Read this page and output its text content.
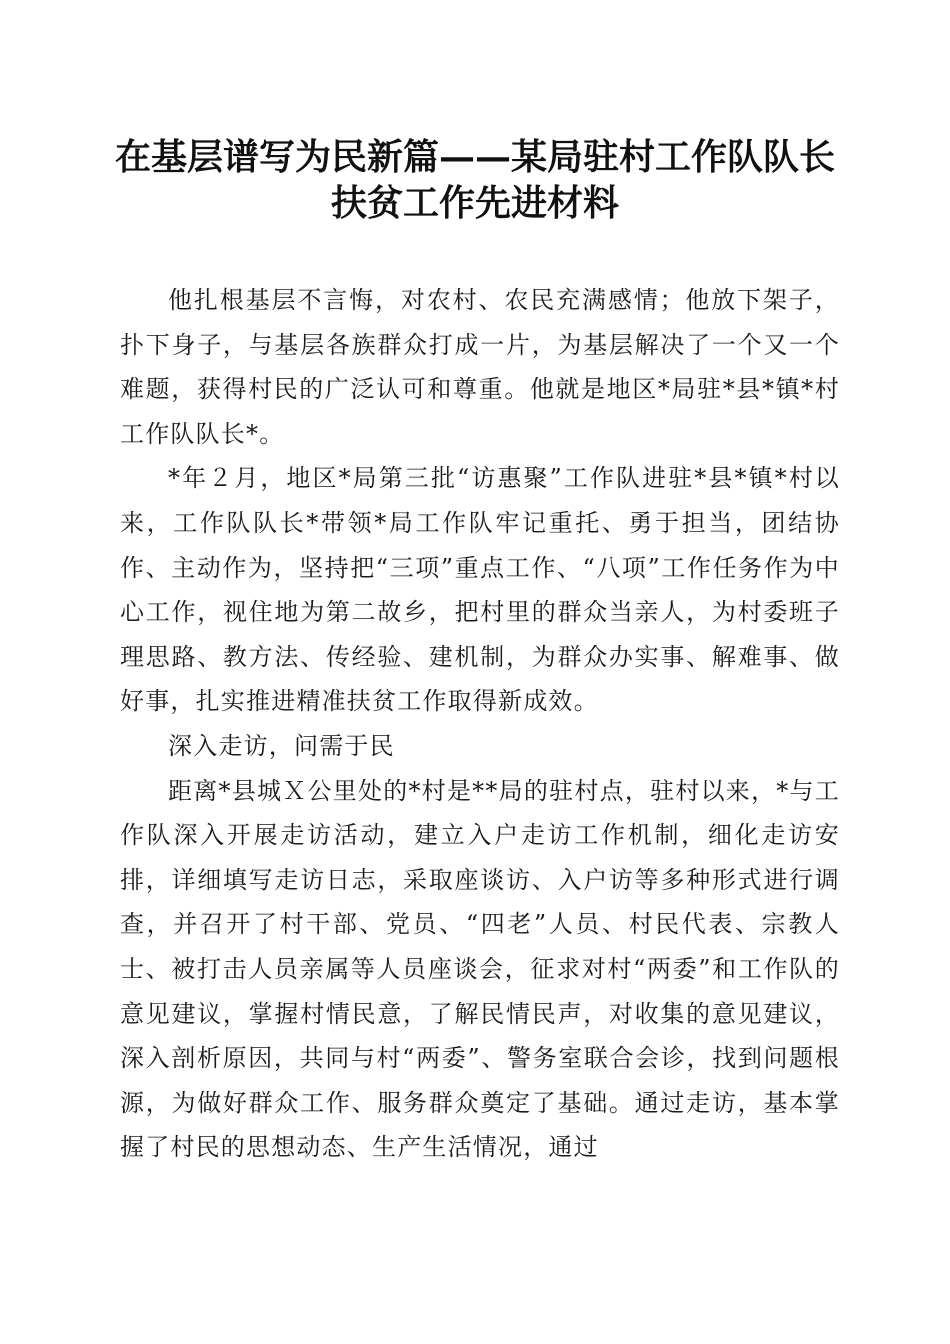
在基层谱写为民新篇——某局驻村工作队队长
扶贫工作先进材料

他扎根基层不言悔，对农村、农民充满感情；他放下架子，扑下身子，与基层各族群众打成一片，为基层解决了一个又一个难题，获得村民的广泛认可和尊重。他就是地区*局驻*县*镇*村工作队队长*。

*年２月，地区*局第三批“访惠聚”工作队进驻*县*镇*村以来，工作队队长*带领*局工作队牢记重托、勇于担当，团结协作、主动作为，坚持把“三项”重点工作、“八项”工作任务作为中心工作，视住地为第二故乡，把村里的群众当亲人，为村委班子理思路、教方法、传经验、建机制，为群众办实事、解难事、做好事，扎实推进精准扶贫工作取得新成效。

深入走访，问需于民

距离*县城Ｘ公里处的*村是**局的驻村点，驻村以来，*与工作队深入开展走访活动，建立入户走访工作机制，细化走访安排，详细填写走访日志，采取座谈访、入户访等多种形式进行调查，并召开了村干部、党员、“四老”人员、村民代表、宗教人士、被打击人员亲属等人员座谈会，征求对村“两委”和工作队的意见建议，掌握村情民意，了解民情民声，对收集的意见建议，深入剖析原因，共同与村“两委”、警务室联合会诊，找到问题根源，为做好群众工作、服务群众奠定了基础。通过走访，基本掌握了村民的思想动态、生产生活情况，通过
